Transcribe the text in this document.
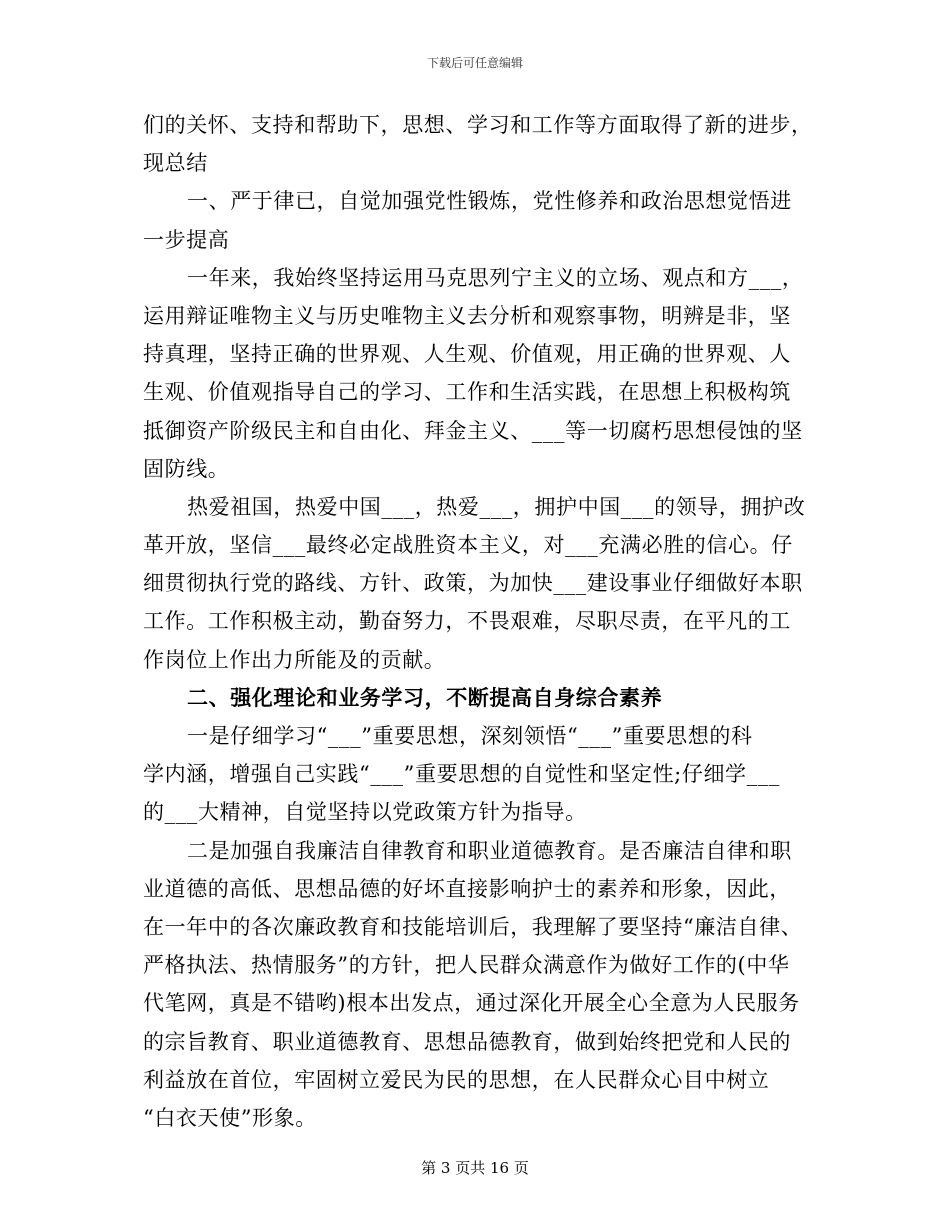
下载后可任意编辑
们的关怀、支持和帮助下，思想、学习和工作等方面取得了新的进步，
现总结
一、严于律已，自觉加强党性锻炼，党性修养和政治思想觉悟进
一步提高
一年来，我始终坚持运用马克思列宁主义的立场、观点和方___，
运用辩证唯物主义与历史唯物主义去分析和观察事物，明辨是非，坚
持真理，坚持正确的世界观、人生观、价值观，用正确的世界观、人
生观、价值观指导自己的学习、工作和生活实践，在思想上积极构筑
抵御资产阶级民主和自由化、拜金主义、___等一切腐朽思想侵蚀的坚
固防线。
热爱祖国，热爱中国___，热爱___，拥护中国___的领导，拥护改
革开放，坚信___最终必定战胜资本主义，对___充满必胜的信心。仔
细贯彻执行党的路线、方针、政策，为加快___建设事业仔细做好本职
工作。工作积极主动，勤奋努力，不畏艰难，尽职尽责，在平凡的工
作岗位上作出力所能及的贡献。
二、强化理论和业务学习，不断提高自身综合素养
一是仔细学习“___”重要思想，深刻领悟“___”重要思想的科
学内涵，增强自己实践“___”重要思想的自觉性和坚定性;仔细学___
的___大精神，自觉坚持以党政策方针为指导。
二是加强自我廉洁自律教育和职业道德教育。是否廉洁自律和职
业道德的高低、思想品德的好坏直接影响护士的素养和形象，因此，
在一年中的各次廉政教育和技能培训后，我理解了要坚持“廉洁自律、
严格执法、热情服务”的方针，把人民群众满意作为做好工作的(中华
代笔网，真是不错哟)根本出发点，通过深化开展全心全意为人民服务
的宗旨教育、职业道德教育、思想品德教育，做到始终把党和人民的
利益放在首位，牢固树立爱民为民的思想，在人民群众心目中树立
“白衣天使”形象。
第 3 页共 16 页
